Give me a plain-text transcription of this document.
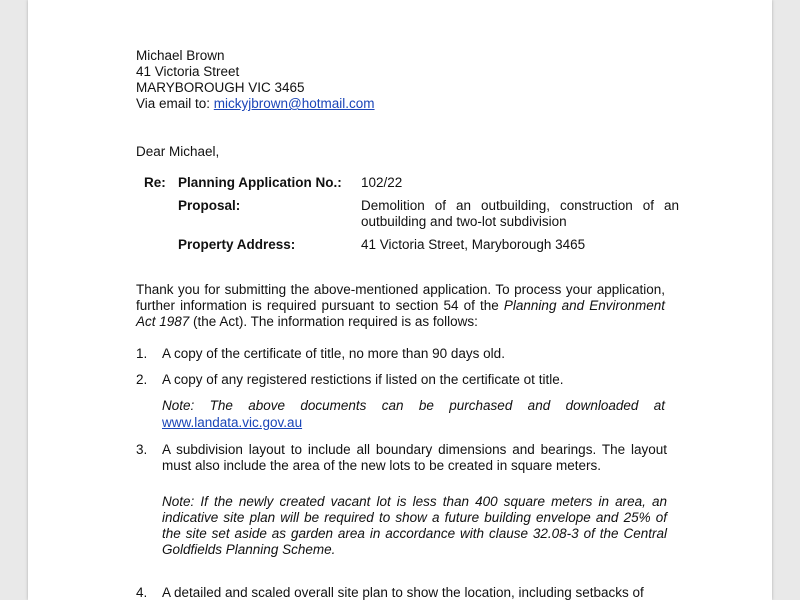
Michael Brown
41 Victoria Street
MARYBOROUGH VIC 3465
Via email to: mickyjbrown@hotmail.com
Dear Michael,
Re: Planning Application No.: 102/22
Proposal:	Demolition of an outbuilding, construction of an outbuilding and two-lot subdivision
Property Address:	41 Victoria Street, Maryborough 3465
Thank you for submitting the above-mentioned application. To process your application, further information is required pursuant to section 54 of the Planning and Environment Act 1987 (the Act). The information required is as follows:
1. A copy of the certificate of title, no more than 90 days old.
2. A copy of any registered restictions if listed on the certificate ot title.
Note: The above documents can be purchased and downloaded at
www.landata.vic.gov.au
3. A subdivision layout to include all boundary dimensions and bearings. The layout must also include the area of the new lots to be created in square meters.
Note: If the newly created vacant lot is less than 400 square meters in area, an indicative site plan will be required to show a future building envelope and 25% of the site set aside as garden area in accordance with clause 32.08-3 of the Central Goldfields Planning Scheme.
4. A detailed and scaled overall site plan to show the location, including setbacks of
